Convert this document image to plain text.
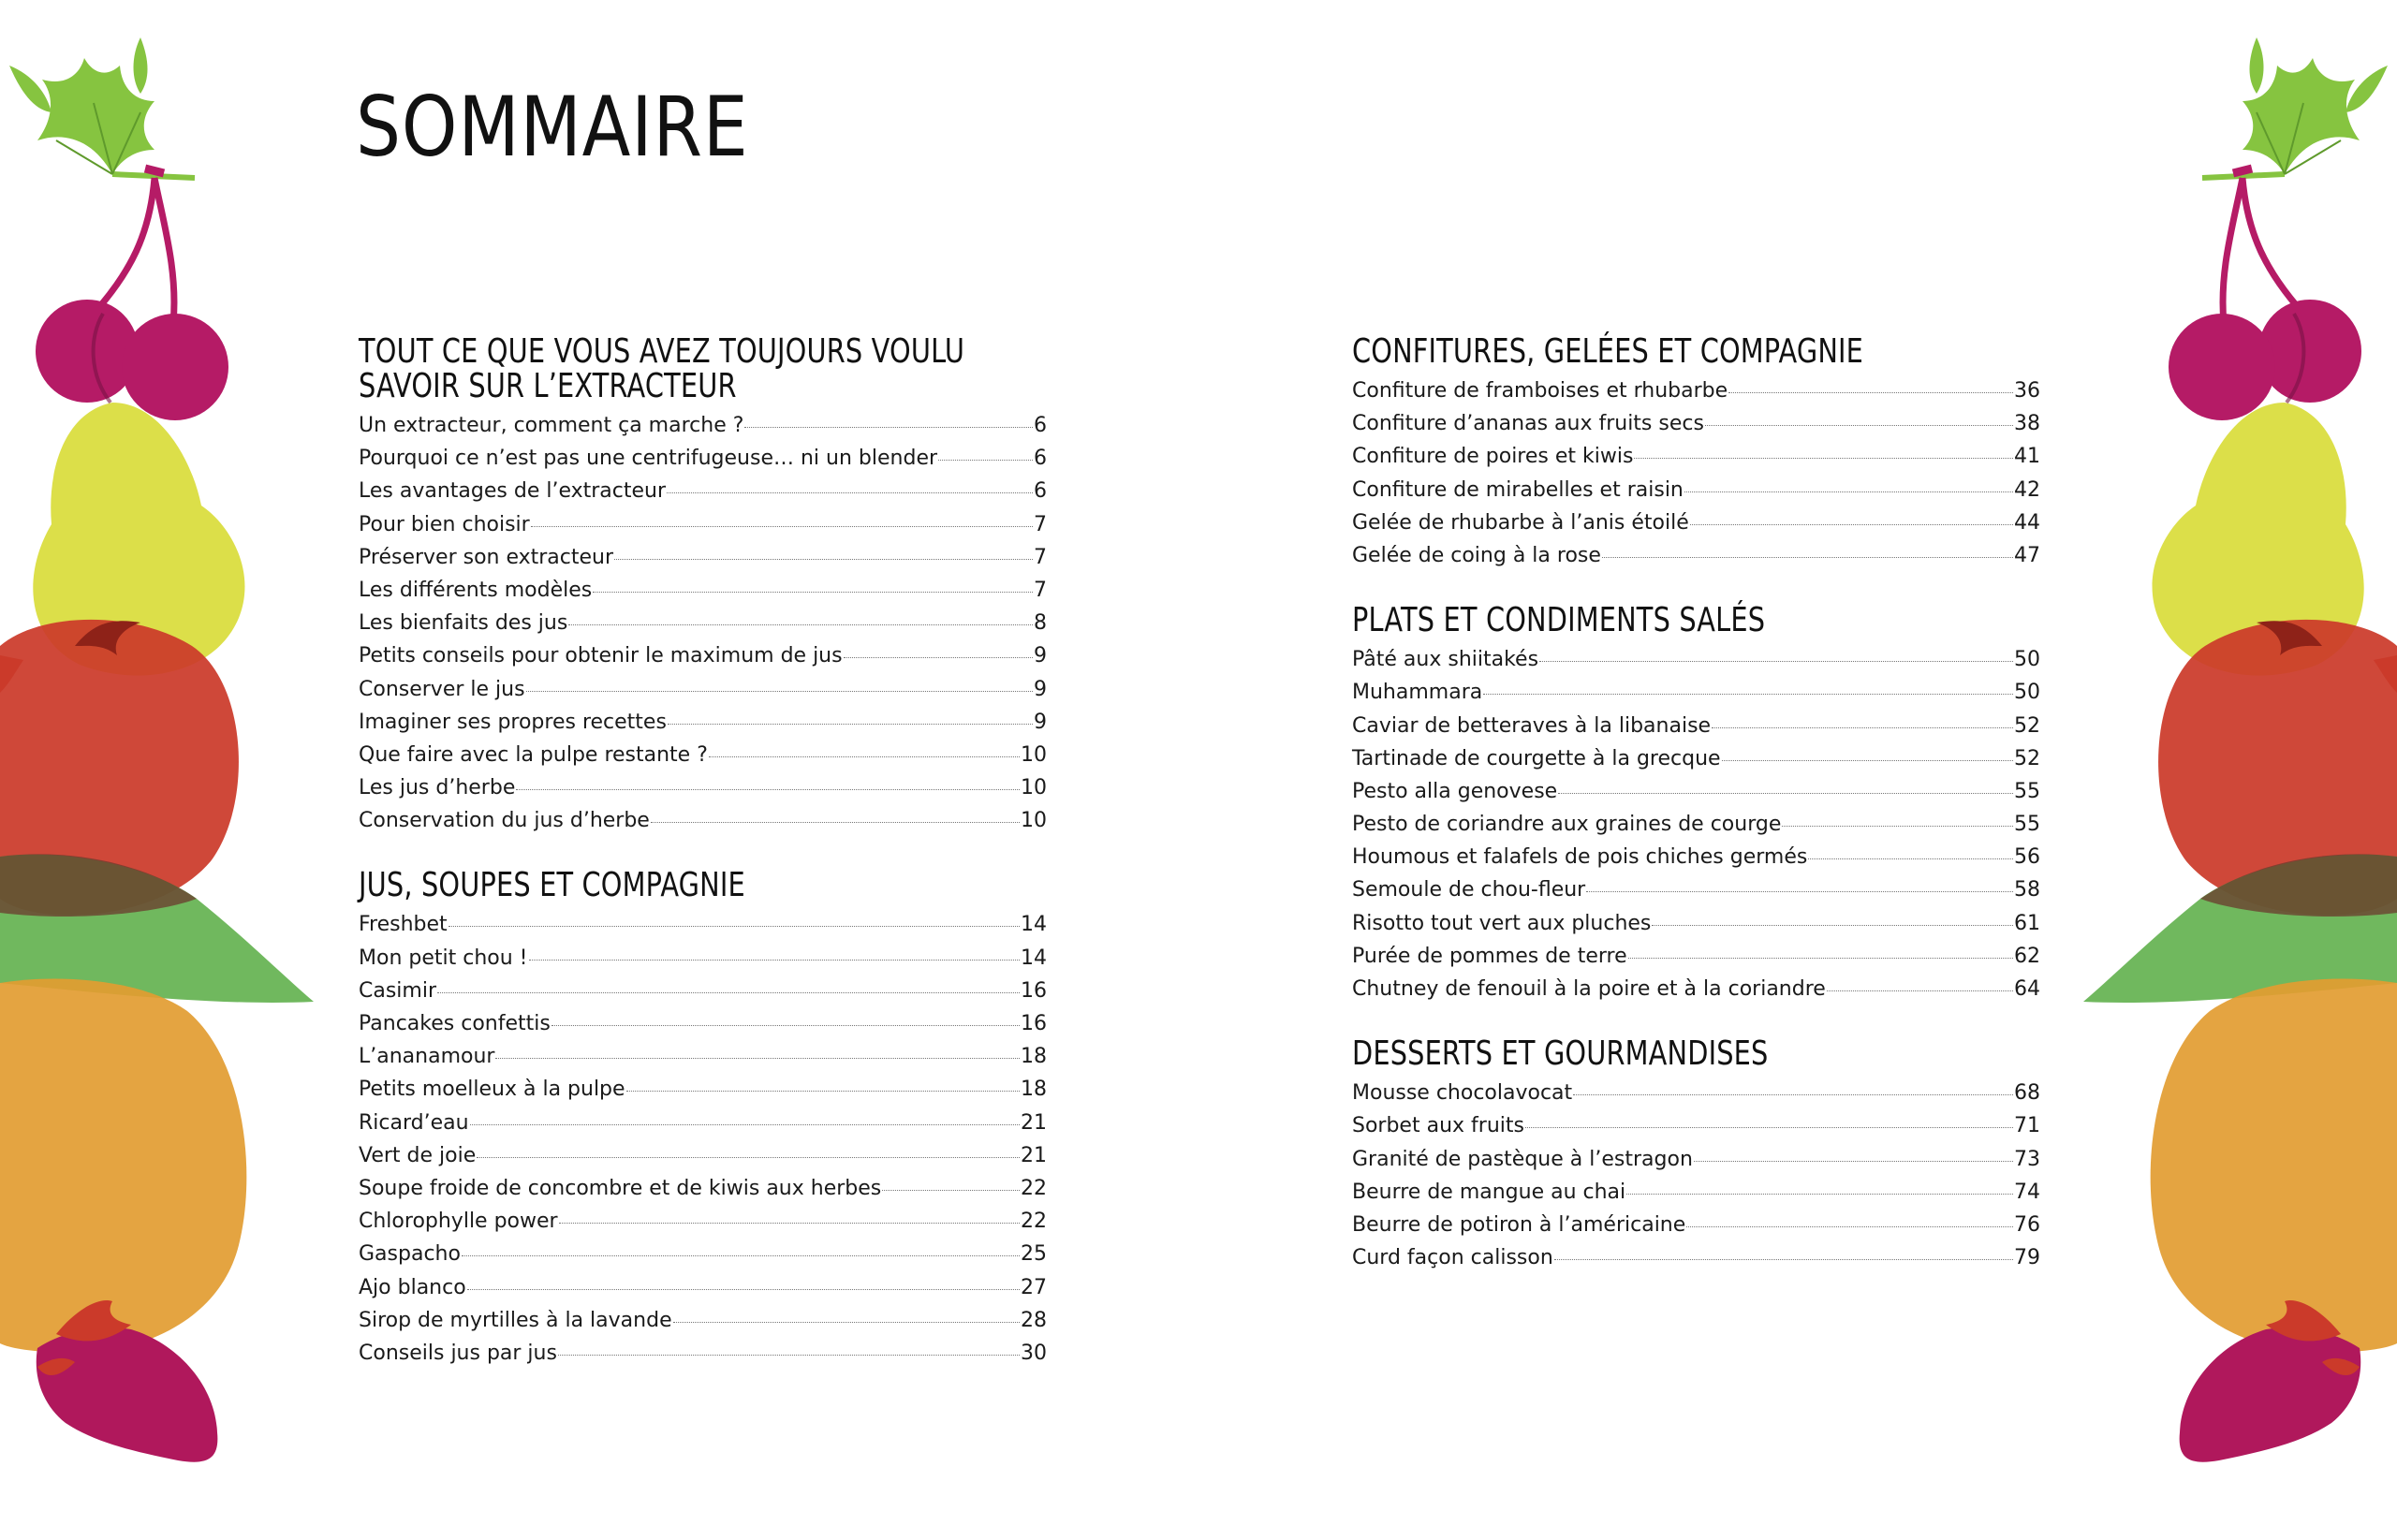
SOMMAIRE
TOUT CE QUE VOUS AVEZ TOUJOURS VOULU
SAVOIR SUR L’EXTRACTEUR
Un extracteur, comment ça marche ?	6
Pourquoi ce n’est pas une centrifugeuse… ni un blender	6
Les avantages de l’extracteur	6
Pour bien choisir	7
Préserver son extracteur	7
Les différents modèles	7
Les bienfaits des jus	8
Petits conseils pour obtenir le maximum de jus	9
Conserver le jus	9
Imaginer ses propres recettes	9
Que faire avec la pulpe restante ?	10
Les jus d’herbe	10
Conservation du jus d’herbe	10
JUS, SOUPES ET COMPAGNIE
Freshbet	14
Mon petit chou !	14
Casimir	16
Pancakes confettis	16
L’ananamour	18
Petits moelleux à la pulpe	18
Ricard’eau	21
Vert de joie	21
Soupe froide de concombre et de kiwis aux herbes	22
Chlorophylle power	22
Gaspacho	25
Ajo blanco	27
Sirop de myrtilles à la lavande	28
Conseils jus par jus	30
CONFITURES, GELÉES ET COMPAGNIE
Confiture de framboises et rhubarbe	36
Confiture d’ananas aux fruits secs	38
Confiture de poires et kiwis	41
Confiture de mirabelles et raisin	42
Gelée de rhubarbe à l’anis étoilé	44
Gelée de coing à la rose	47
PLATS ET CONDIMENTS SALÉS
Pâté aux shiitakés	50
Muhammara	50
Caviar de betteraves à la libanaise	52
Tartinade de courgette à la grecque	52
Pesto alla genovese	55
Pesto de coriandre aux graines de courge	55
Houmous et falafels de pois chiches germés	56
Semoule de chou-fleur	58
Risotto tout vert aux pluches	61
Purée de pommes de terre	62
Chutney de fenouil à la poire et à la coriandre	64
DESSERTS ET GOURMANDISES
Mousse chocolavocat	68
Sorbet aux fruits	71
Granité de pastèque à l’estragon	73
Beurre de mangue au chai	74
Beurre de potiron à l’américaine	76
Curd façon calisson	79
